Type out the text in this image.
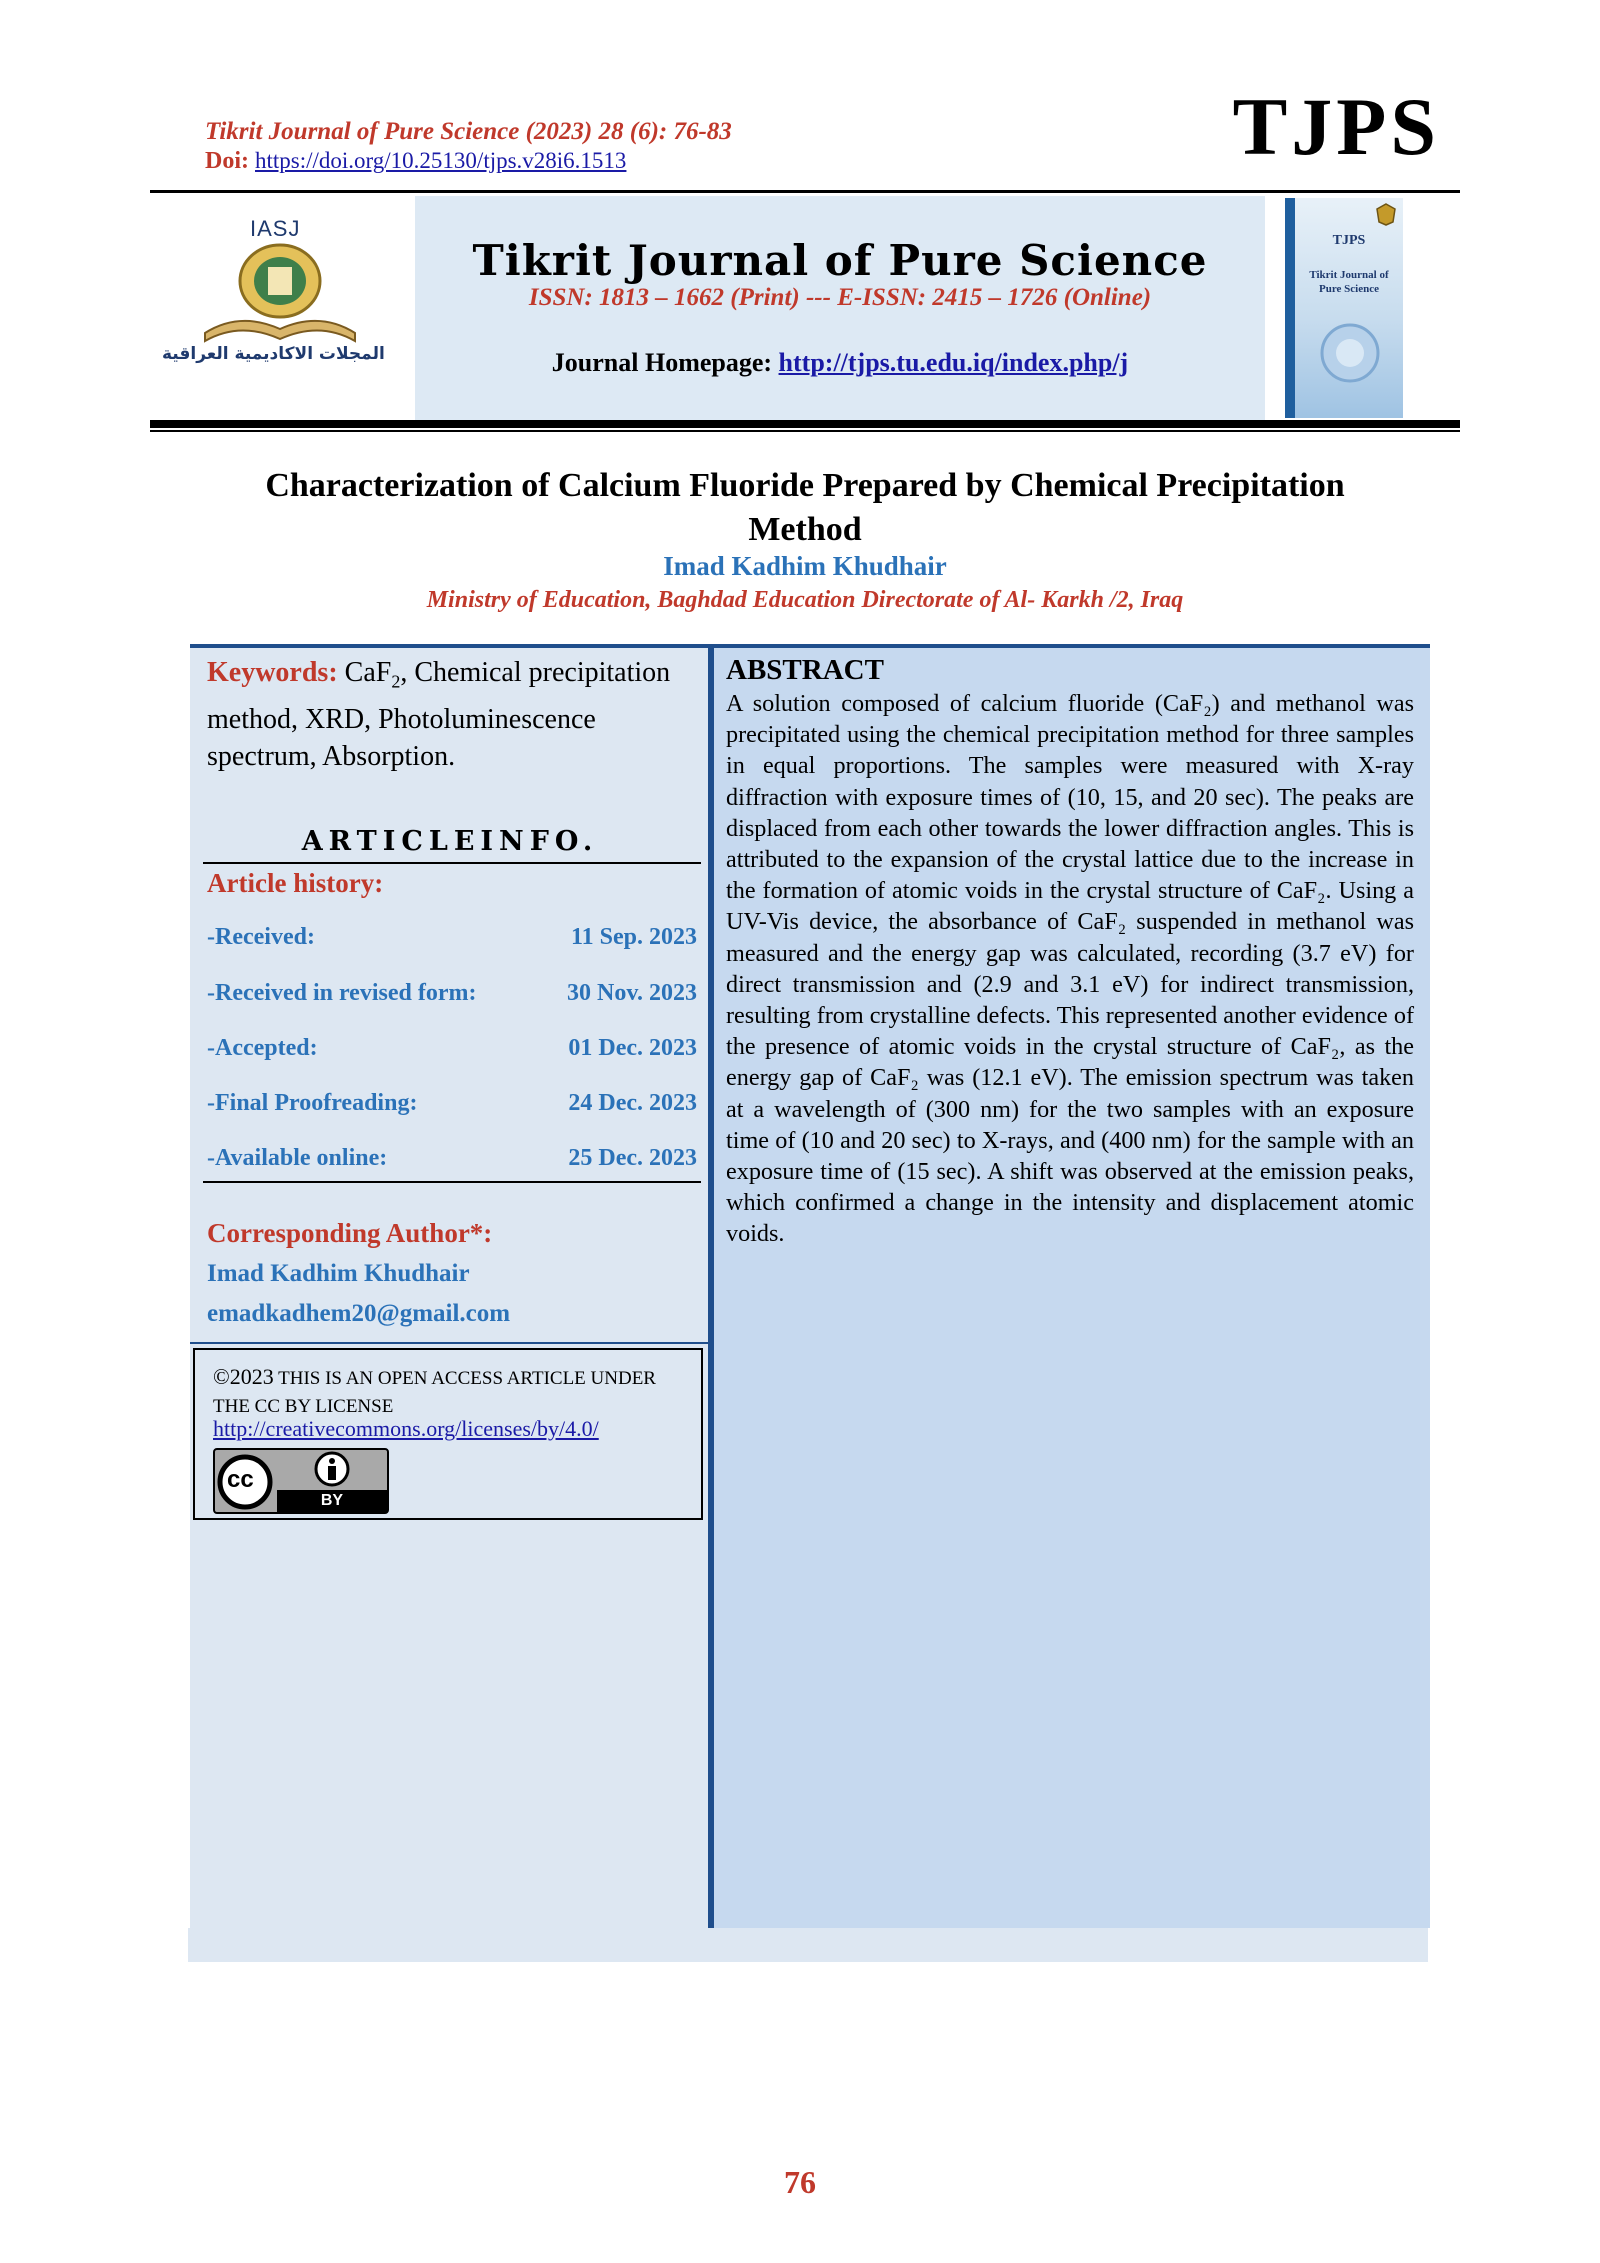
Tikrit Journal of Pure Science (2023) 28 (6): 76-83
Doi: https://doi.org/10.25130/tjps.v28i6.1513	TJPS
IASJ
المجلات الاكاديمية العراقية
Tikrit Journal of Pure Science
ISSN: 1813 – 1662 (Print) --- E-ISSN: 2415 – 1726 (Online)
Journal Homepage: http://tjps.tu.edu.iq/index.php/j
TJPS
Tikrit Journal of Pure Science
Characterization of Calcium Fluoride Prepared by Chemical Precipitation
Method
Imad Kadhim Khudhair
Ministry of Education, Baghdad Education Directorate of Al- Karkh /2, Iraq
Keywords: CaF$_2$, Chemical precipitation method, XRD, Photoluminescence spectrum, Absorption.
ARTICLEINFO.
Article history:
-Received:	11 Sep. 2023
-Received in revised form:	30 Nov. 2023
-Accepted:	01 Dec. 2023
-Final Proofreading:	24 Dec. 2023
-Available online:	25 Dec. 2023
Corresponding Author*:
Imad Kadhim Khudhair
emadkadhem20@gmail.com
©2023 THIS IS AN OPEN ACCESS ARTICLE UNDER THE CC BY LICENSE
http://creativecommons.org/licenses/by/4.0/
cc
BY
ABSTRACT
A solution composed of calcium fluoride (CaF₂) and methanol was precipitated using the chemical precipitation method for three samples in equal proportions. The samples were measured with X-ray diffraction with exposure times of (10, 15, and 20 sec). The peaks are displaced from each other towards the lower diffraction angles. This is attributed to the expansion of the crystal lattice due to the increase in the formation of atomic voids in the crystal structure of CaF₂. Using a UV-Vis device, the absorbance of CaF₂ suspended in methanol was measured and the energy gap was calculated, recording (3.7 eV) for direct transmission and (2.9 and 3.1 eV) for indirect transmission, resulting from crystalline defects. This represented another evidence of the presence of atomic voids in the crystal structure of CaF₂, as the energy gap of CaF₂ was (12.1 eV). The emission spectrum was taken at a wavelength of (300 nm) for the two samples with an exposure time of (10 and 20 sec) to X-rays, and (400 nm) for the sample with an exposure time of (15 sec). A shift was observed at the emission peaks, which confirmed a change in the intensity and displacement atomic voids.
76
